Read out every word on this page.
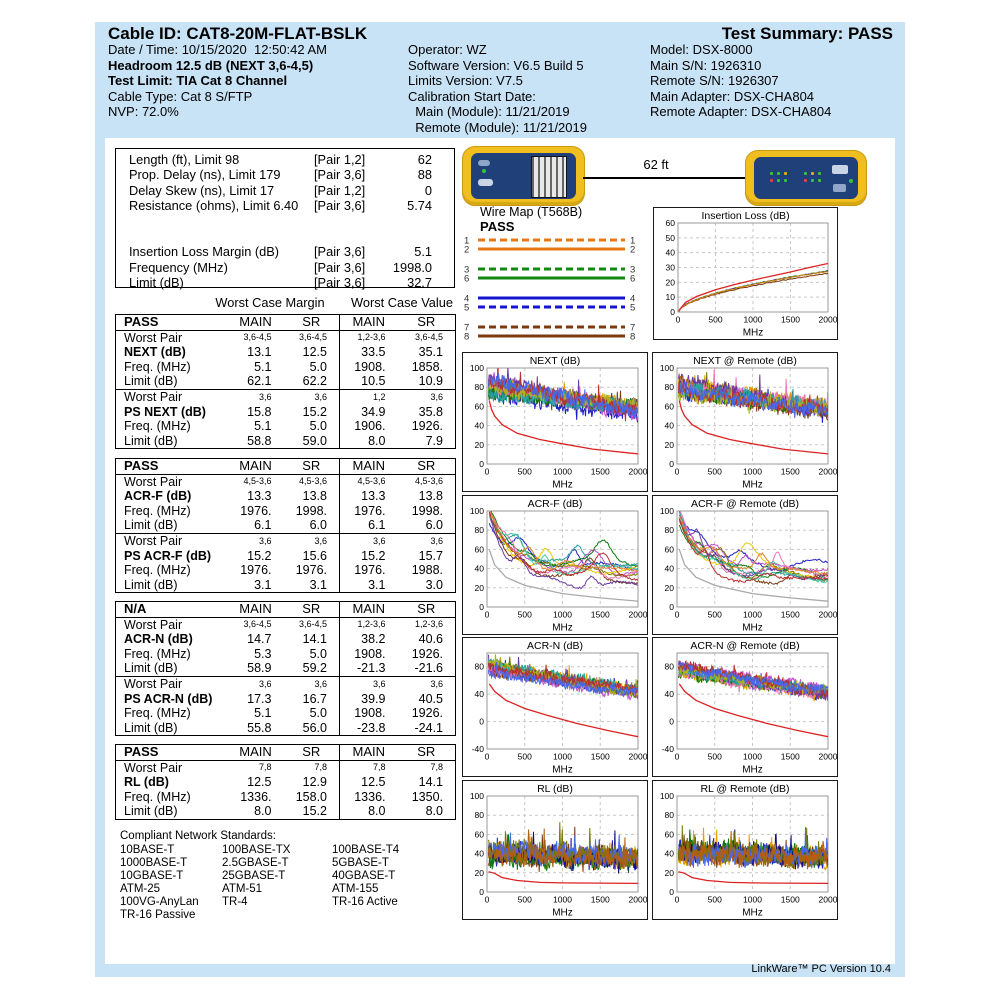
Cable ID: CAT8-20M-FLAT-BSLK	Test Summary: PASS
Date / Time: 10/15/2020  12:50:42 AM
Headroom 12.5 dB (NEXT 3,6-4,5)
Test Limit: TIA Cat 8 Channel
Cable Type: Cat 8 S/FTP
NVP: 72.0%
Operator: WZ
Software Version: V6.5 Build 5
Limits Version: V7.5
Calibration Start Date:
Main (Module): 11/21/2019
Remote (Module): 11/21/2019
Model: DSX-8000
Main S/N: 1926310
Remote S/N: 1926307
Main Adapter: DSX-CHA804
Remote Adapter: DSX-CHA804
Length (ft), Limit 98	[Pair 1,2]	62
Prop. Delay (ns), Limit 179	[Pair 3,6]	88
Delay Skew (ns), Limit 17	[Pair 1,2]	0
Resistance (ohms), Limit 6.40	[Pair 3,6]	5.74
Insertion Loss Margin (dB)	[Pair 3,6]	5.1
Frequency (MHz)	[Pair 3,6]	1998.0
Limit (dB)	[Pair 3,6]	32.7
Worst Case Margin Worst Case Value
PASS	MAIN	SR	MAIN	SR
Worst Pair	3,6-4,5	3,6-4,5	1,2-3,6	3,6-4,5
NEXT (dB)	13.1	12.5	33.5	35.1
Freq. (MHz)	5.1	5.0	1908.	1858.
Limit (dB)	62.1	62.2	10.5	10.9
Worst Pair	3,6	3,6	1,2	3,6
PS NEXT (dB)	15.8	15.2	34.9	35.8
Freq. (MHz)	5.1	5.0	1906.	1926.
Limit (dB)	58.8	59.0	8.0	7.9
PASS	MAIN	SR	MAIN	SR
Worst Pair	4,5-3,6	4,5-3,6	4,5-3,6	4,5-3,6
ACR-F (dB)	13.3	13.8	13.3	13.8
Freq. (MHz)	1976.	1998.	1976.	1998.
Limit (dB)	6.1	6.0	6.1	6.0
Worst Pair	3,6	3,6	3,6	3,6
PS ACR-F (dB)	15.2	15.6	15.2	15.7
Freq. (MHz)	1976.	1976.	1976.	1988.
Limit (dB)	3.1	3.1	3.1	3.0
N/A	MAIN	SR	MAIN	SR
Worst Pair	3,6-4,5	3,6-4,5	1,2-3,6	1,2-3,6
ACR-N (dB)	14.7	14.1	38.2	40.6
Freq. (MHz)	5.3	5.0	1908.	1926.
Limit (dB)	58.9	59.2	-21.3	-21.6
Worst Pair	3,6	3,6	3,6	3,6
PS ACR-N (dB)	17.3	16.7	39.9	40.5
Freq. (MHz)	5.1	5.0	1908.	1926.
Limit (dB)	55.8	56.0	-23.8	-24.1
PASS	MAIN	SR	MAIN	SR
Worst Pair	7,8	7,8	7,8	7,8
RL (dB)	12.5	12.9	12.5	14.1
Freq. (MHz)	1336.	158.0	1336.	1350.
Limit (dB)	8.0	15.2	8.0	8.0
Compliant Network Standards:
10BASE-T
1000BASE-T
10GBASE-T
ATM-25
100VG-AnyLan
TR-16 Passive
100BASE-TX
2.5GBASE-T
25GBASE-T
ATM-51
TR-4
100BASE-T4
5GBASE-T
40GBASE-T
ATM-155
TR-16 Active
62 ft
Wire Map (T568B)
PASS
1	1
2	2
3	3
6	6
4	4
5	5
7	7
8	8
Insertion Loss (dB)
0
10
20
30
40
50
60
0	500 1000 1500 2000
MHz
NEXT (dB)
0
20
40
60
80
100
0	500 1000 1500 2000
MHz
NEXT @ Remote (dB)
0
20
40
60
80
100
0	500 1000 1500 2000
MHz
ACR-F (dB)
0
20
40
60
80
100
0	500 1000 1500 2000
MHz
ACR-F @ Remote (dB)
0
20
40
60
80
100
0	500 1000 1500 2000
MHz
ACR-N (dB)
-40
0
40
80
0	500 1000 1500 2000
MHz
ACR-N @ Remote (dB)
-40
0
40
80
0	500 1000 1500 2000
MHz
RL (dB)
0
20
40
60
80
100
0	500 1000 1500 2000
MHz
RL @ Remote (dB)
0
20
40
60
80
100
0	500 1000 1500 2000
MHz
LinkWare™ PC Version 10.4
